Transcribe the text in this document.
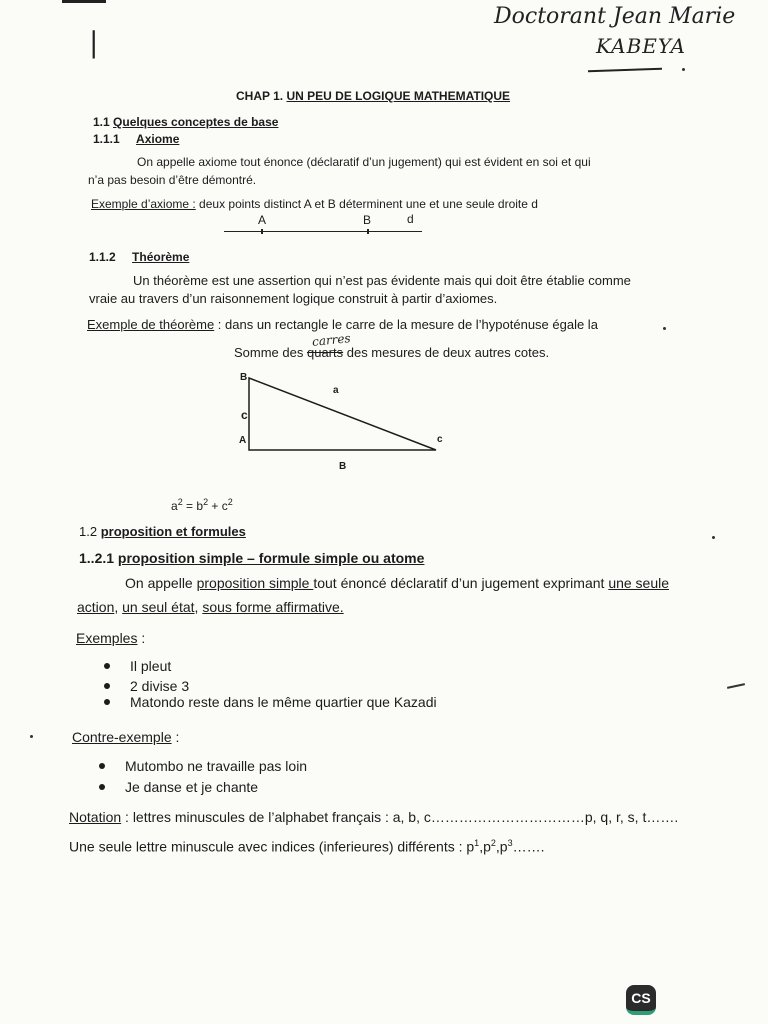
Doctorant Jean Marie
KABEYA
|
CHAP 1. UN PEU DE LOGIQUE MATHEMATIQUE
1.1 Quelques conceptes de base
1.1.1 Axiome
On appelle axiome tout énonce (déclaratif d’un jugement) qui est évident en soi et qui
n’a pas besoin d’être démontré.
Exemple d’axiome : deux points distinct A et B déterminent une et une seule droite d
A	B	d
1.1.2 Théorème
Un théorème est une assertion qui n’est pas évidente mais qui doit être établie comme
vraie au travers d’un raisonnement logique construit à partir d’axiomes.
Exemple de théorème : dans un rectangle le carre de la mesure de l’hypoténuse égale la
carres
Somme des quarts des mesures de deux autres cotes.
B
c
A	c
a
B
$a^2 = b^2 + c^2$
1.2 proposition et formules
1..2.1 proposition simple – formule simple ou atome
On appelle proposition simple tout énoncé déclaratif d’un jugement exprimant une seule
action, un seul état, sous forme affirmative.
Exemples :
Il pleut
2 divise 3
Matondo reste dans le même quartier que Kazadi
Contre-exemple :
Mutombo ne travaille pas loin
Je danse et je chante
Notation : lettres minuscules de l’alphabet français : a, b, c……………………………p, q, r, s, t…….
Une seule lettre minuscule avec indices (inferieures) différents : $p^1,p^2,p^3\dots\dots$.
CS
